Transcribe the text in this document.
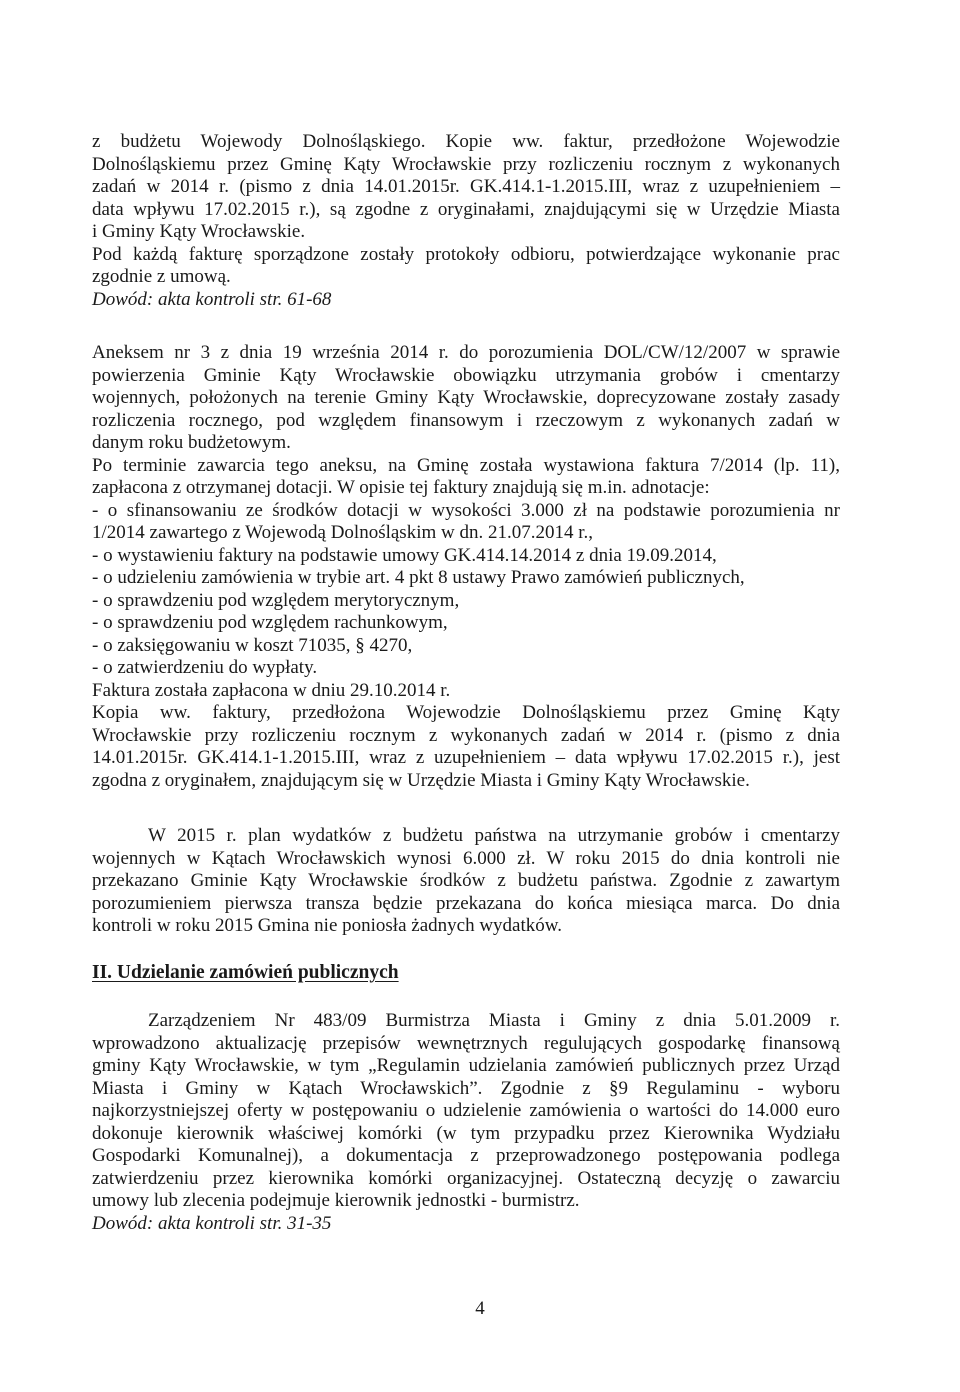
z budżetu Wojewody Dolnośląskiego. Kopie ww. faktur, przedłożone Wojewodzie
Dolnośląskiemu przez Gminę Kąty Wrocławskie przy rozliczeniu rocznym z wykonanych
zadań w 2014 r. (pismo z dnia 14.01.2015r. GK.414.1-1.2015.III, wraz z uzupełnieniem –
data wpływu 17.02.2015 r.), są zgodne z oryginałami, znajdującymi się w Urzędzie Miasta
i Gminy Kąty Wrocławskie.
Pod każdą fakturę sporządzone zostały protokoły odbioru, potwierdzające wykonanie prac
zgodnie z umową.
Dowód: akta kontroli str. 61-68
Aneksem nr 3 z dnia 19 września 2014 r. do porozumienia DOL/CW/12/2007 w sprawie
powierzenia Gminie Kąty Wrocławskie obowiązku utrzymania grobów i cmentarzy
wojennych, położonych na terenie Gminy Kąty Wrocławskie, doprecyzowane zostały zasady
rozliczenia rocznego, pod względem finansowym i rzeczowym z wykonanych zadań w
danym roku budżetowym.
Po terminie zawarcia tego aneksu, na Gminę została wystawiona faktura 7/2014 (lp. 11),
zapłacona z otrzymanej dotacji. W opisie tej faktury znajdują się m.in. adnotacje:
- o sfinansowaniu ze środków dotacji w wysokości 3.000 zł na podstawie porozumienia nr
1/2014 zawartego z Wojewodą Dolnośląskim w dn. 21.07.2014 r.,
- o wystawieniu faktury na podstawie umowy GK.414.14.2014 z dnia 19.09.2014,
- o udzieleniu zamówienia w trybie art. 4 pkt 8 ustawy Prawo zamówień publicznych,
- o sprawdzeniu pod względem merytorycznym,
- o sprawdzeniu pod względem rachunkowym,
- o zaksięgowaniu w koszt 71035, § 4270,
- o zatwierdzeniu do wypłaty.
Faktura została zapłacona w dniu 29.10.2014 r.
Kopia ww. faktury, przedłożona Wojewodzie Dolnośląskiemu przez Gminę Kąty
Wrocławskie przy rozliczeniu rocznym z wykonanych zadań w 2014 r. (pismo z dnia
14.01.2015r. GK.414.1-1.2015.III, wraz z uzupełnieniem – data wpływu 17.02.2015 r.), jest
zgodna z oryginałem, znajdującym się w Urzędzie Miasta i Gminy Kąty Wrocławskie.
W 2015 r. plan wydatków z budżetu państwa na utrzymanie grobów i cmentarzy
wojennych w Kątach Wrocławskich wynosi 6.000 zł. W roku 2015 do dnia kontroli nie
przekazano Gminie Kąty Wrocławskie środków z budżetu państwa. Zgodnie z zawartym
porozumieniem pierwsza transza będzie przekazana do końca miesiąca marca. Do dnia
kontroli w roku 2015 Gmina nie poniosła żadnych wydatków.
II. Udzielanie zamówień publicznych
Zarządzeniem Nr 483/09 Burmistrza Miasta i Gminy z dnia 5.01.2009 r.
wprowadzono aktualizację przepisów wewnętrznych regulujących gospodarkę finansową
gminy Kąty Wrocławskie, w tym „Regulamin udzielania zamówień publicznych przez Urząd
Miasta i Gminy w Kątach Wrocławskich”. Zgodnie z §9 Regulaminu - wyboru
najkorzystniejszej oferty w postępowaniu o udzielenie zamówienia o wartości do 14.000 euro
dokonuje kierownik właściwej komórki (w tym przypadku przez Kierownika Wydziału
Gospodarki Komunalnej), a dokumentacja z przeprowadzonego postępowania podlega
zatwierdzeniu przez kierownika komórki organizacyjnej. Ostateczną decyzję o zawarciu
umowy lub zlecenia podejmuje kierownik jednostki - burmistrz.
Dowód: akta kontroli str. 31-35
4
